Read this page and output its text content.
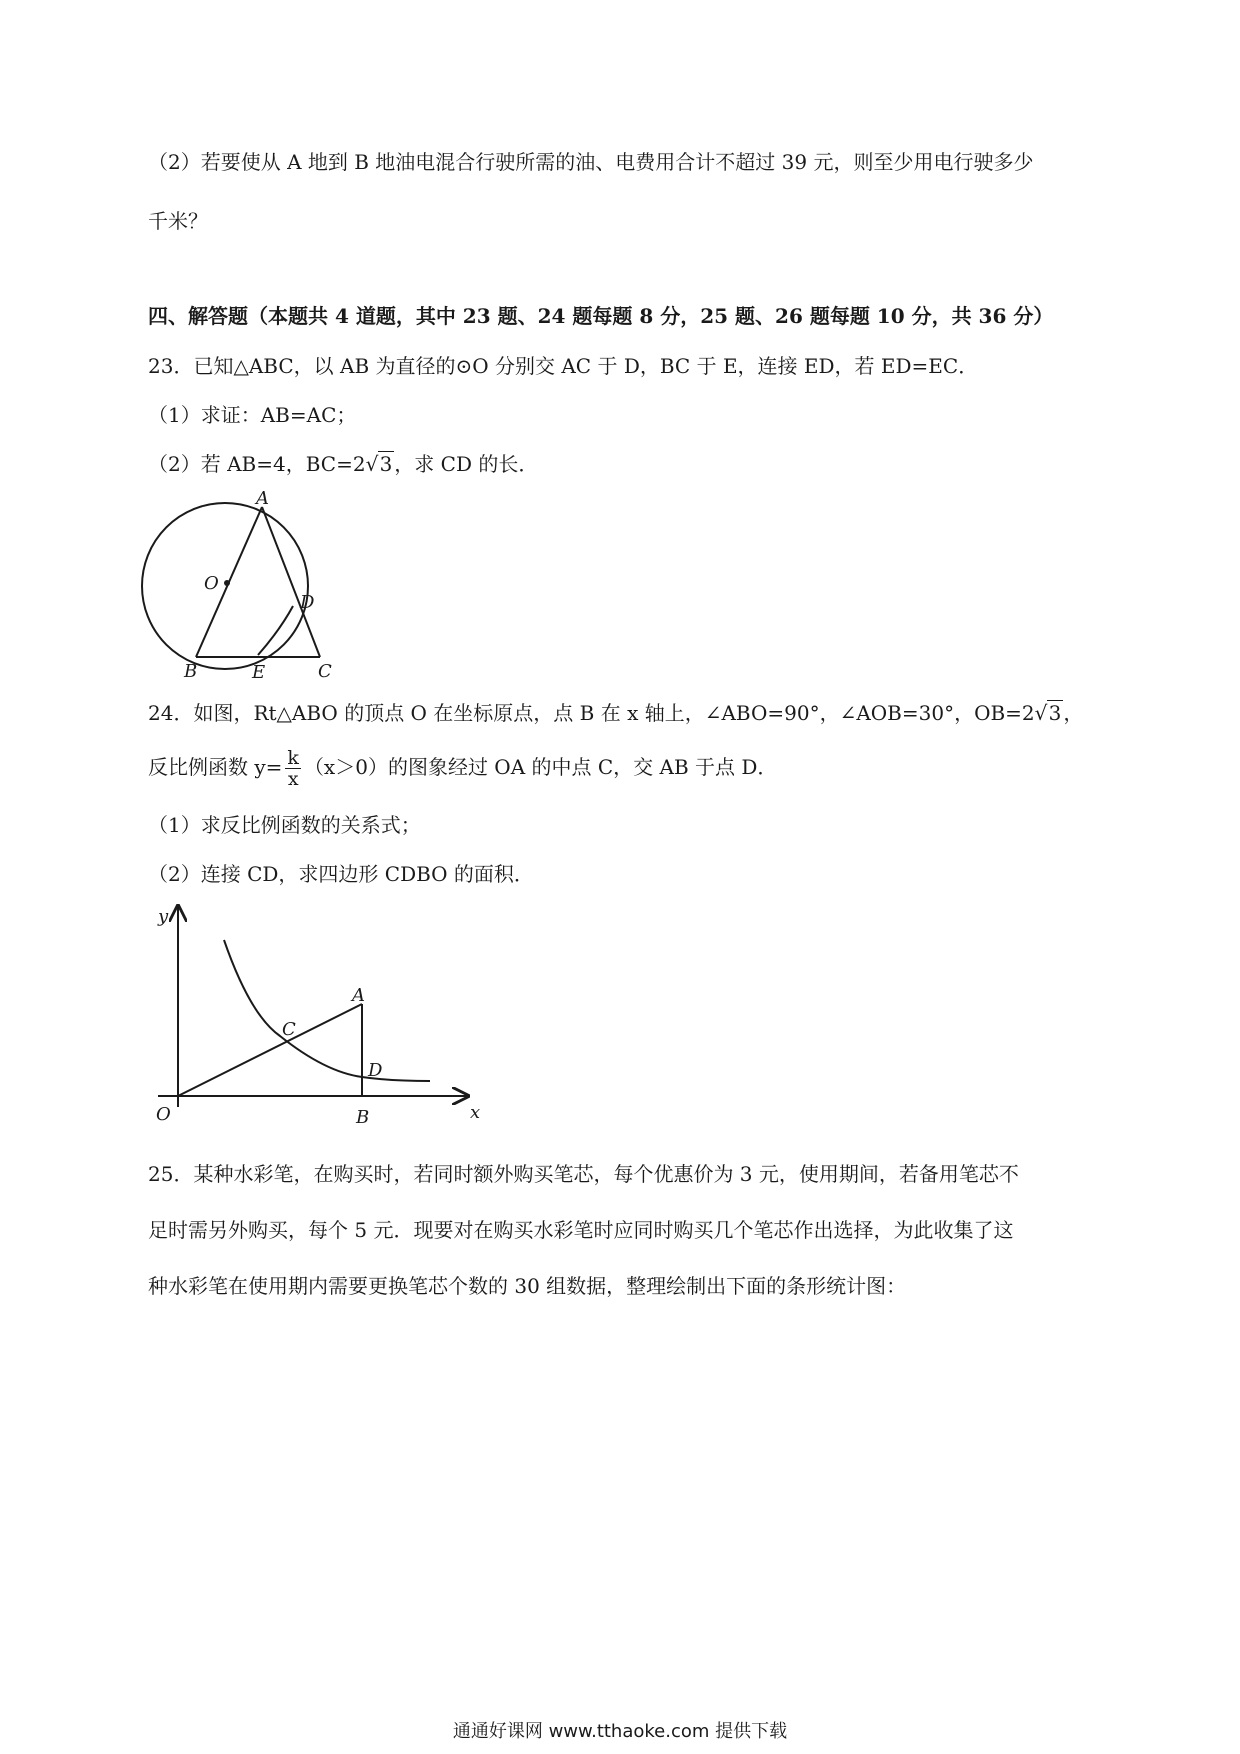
（2）若要使从 A 地到 B 地油电混合行驶所需的油、电费用合计不超过 39 元，则至少用电行驶多少
千米？
四、解答题（本题共 4 道题，其中 23 题、24 题每题 8 分，25 题、26 题每题 10 分，共 36 分）
23．已知△ABC，以 AB 为直径的⊙O 分别交 AC 于 D，BC 于 E，连接 ED，若 ED=EC．
（1）求证：AB=AC；
（2）若 AB=4，BC=2 √ 3 ，求 CD 的长．
A
O
D
B	E	C
24．如图，Rt△ABO 的顶点 O 在坐标原点，点 B 在 x 轴上，∠ABO=90°，∠AOB=30°，OB=2 √ 3 ，
反比例函数 $y= \frac{k}{x} (x>0)$的图象经过 OA 的中点 C，交 AB 于点 D．
（1）求反比例函数的关系式；
（2）连接 CD，求四边形 CDBO 的面积．
y
x
O
A
B
C
D
25．某种水彩笔，在购买时，若同时额外购买笔芯，每个优惠价为 3 元，使用期间，若备用笔芯不
足时需另外购买，每个 5 元．现要对在购买水彩笔时应同时购买几个笔芯作出选择，为此收集了这
种水彩笔在使用期内需要更换笔芯个数的 30 组数据，整理绘制出下面的条形统计图：
通通好课网 www.tthaoke.com 提供下载
